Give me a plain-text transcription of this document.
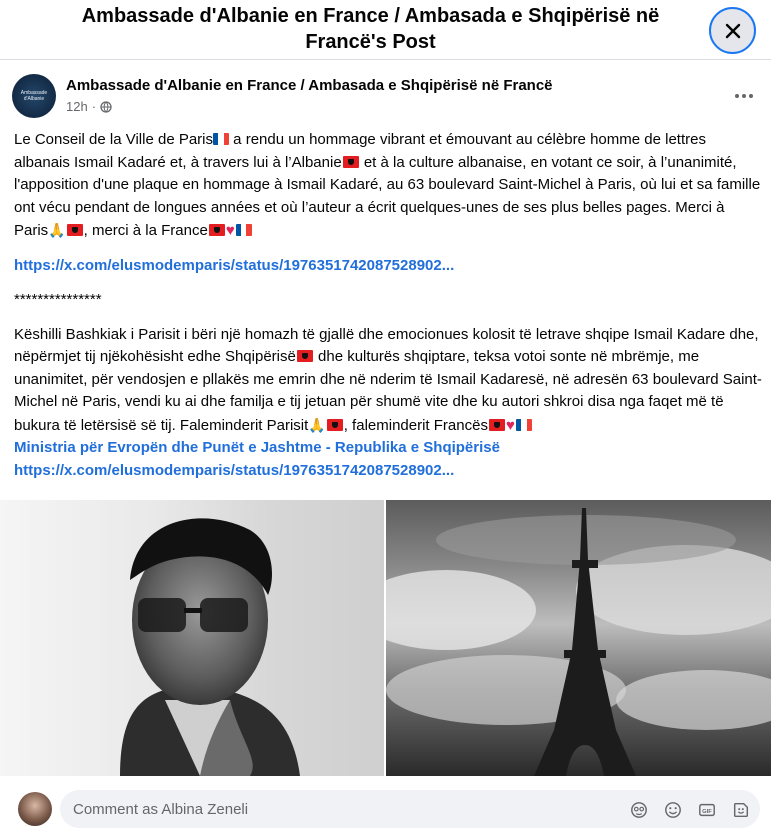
Ambassade d'Albanie en France / Ambasada e Shqipërisë në Francë's Post
Ambassade d'Albanie
Ambassade d'Albanie en France / Ambasada e Shqipërisë në Francë
12h ·

Le Conseil de la Ville de Paris
a rendu un hommage vibrant et émouvant au célèbre homme de lettres albanais Ismail Kadaré et, à travers lui à l’Albanie et à la culture albanaise, en votant ce soir, à l’unanimité, l'apposition d'une plaque en hommage à Ismail Kadaré, au 63 boulevard Saint-Michel à Paris, où lui et sa famille ont vécu pendant de longues années et où l’auteur a écrit quelques-unes de ses plus belles pages. Merci à Paris🙏 , merci à la France ♥

https://x.com/elusmodemparis/status/1976351742087528902...

***************

Këshilli Bashkiak i Parisit i bëri një homazh të gjallë dhe emocionues kolosit të letrave shqipe Ismail Kadare dhe, nëpërmjet tij njëkohësisht edhe Shqipërisë dhe kulturës shqiptare, teksa votoi sonte në mbrëmje, me unanimitet, për vendosjen e pllakës me emrin dhe në nderim të Ismail Kadaresë, në adresën 63 boulevard Saint-Michel në Paris, vendi ku ai dhe familja e tij jetuan për shumë vite dhe ku autori shkroi disa nga faqet më të bukura të letërsisë së tij. Faleminderit Parisit🙏 , faleminderit Francës ♥

Ministria për Evropën dhe Punët e Jashtme - Republika e Shqipërisë
https://x.com/elusmodemparis/status/1976351742087528902...
Comment as Albina Zeneli	GIF
